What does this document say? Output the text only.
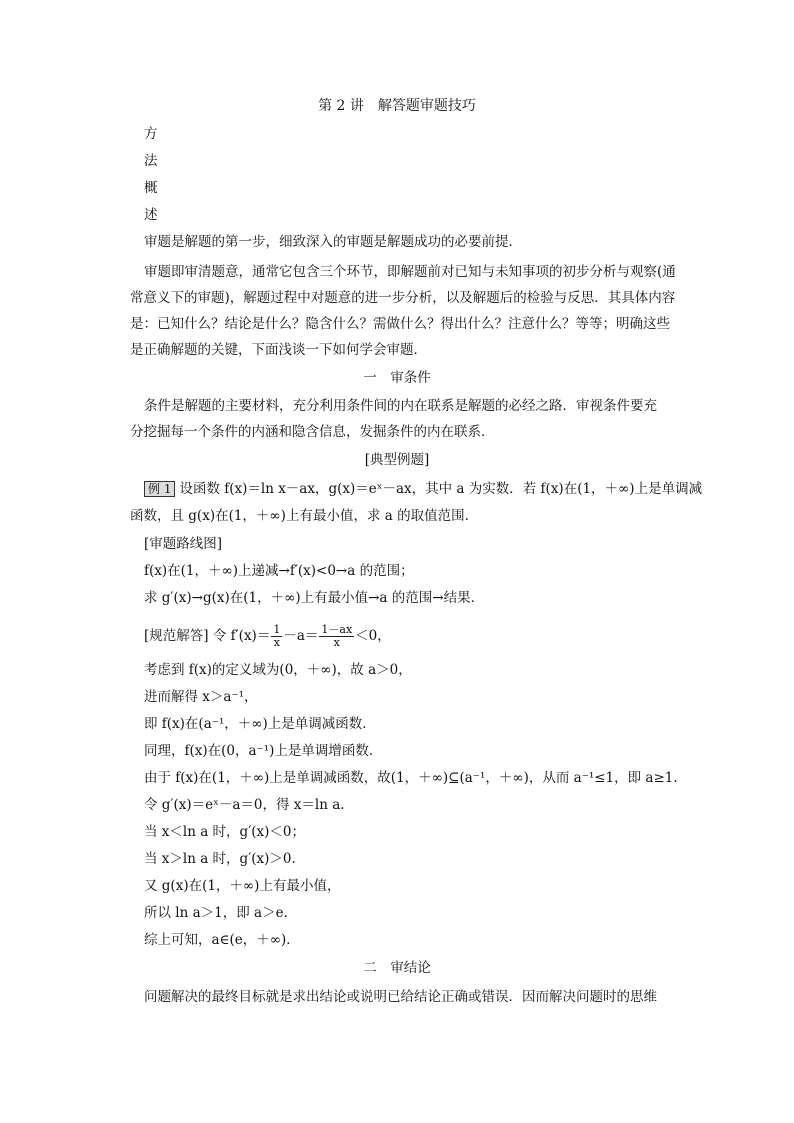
第 2 讲　解答题审题技巧
方
法
概
述
审题是解题的第一步，细致深入的审题是解题成功的必要前提．
审题即审清题意，通常它包含三个环节，即解题前对已知与未知事项的初步分析与观察(通
常意义下的审题)，解题过程中对题意的进一步分析，以及解题后的检验与反思．其具体内容
是：已知什么？结论是什么？隐含什么？需做什么？得出什么？注意什么？等等；明确这些
是正确解题的关键，下面浅谈一下如何学会审题．
一　审条件
条件是解题的主要材料，充分利用条件间的内在联系是解题的必经之路．审视条件要充
分挖掘每一个条件的内涵和隐含信息，发掘条件的内在联系．
[典型例题]
例 1 设函数 f(x)＝ln x－ax，g(x)＝eˣ－ax，其中 a 为实数．若 f(x)在(1，＋∞)上是单调减
函数，且 g(x)在(1，＋∞)上有最小值，求 a 的取值范围．
[审题路线图]
f(x)在(1，＋∞)上递减→f′(x)<0→a 的范围；
求 g′(x)→g(x)在(1，＋∞)上有最小值→a 的范围→结果．
[规范解答] 令 $f'(x)= \frac{1}{x} -a= \frac{1-ax}{x} <0$，
考虑到 f(x)的定义域为(0，＋∞)，故 a＞0，
进而解得 x＞a⁻¹，
即 f(x)在(a⁻¹，＋∞)上是单调减函数．
同理，f(x)在(0，a⁻¹)上是单调增函数．
由于 f(x)在(1，＋∞)上是单调减函数，故(1，＋∞)⊆(a⁻¹，＋∞)，从而 a⁻¹≤1，即 a≥1.
令 g′(x)＝eˣ－a＝0，得 x＝ln a.
当 x＜ln a 时，g′(x)＜0；
当 x＞ln a 时，g′(x)＞0.
又 g(x)在(1，＋∞)上有最小值，
所以 ln a＞1，即 a＞e.
综上可知，a∈(e，＋∞)．
二　审结论
问题解决的最终目标就是求出结论或说明已给结论正确或错误．因而解决问题时的思维
